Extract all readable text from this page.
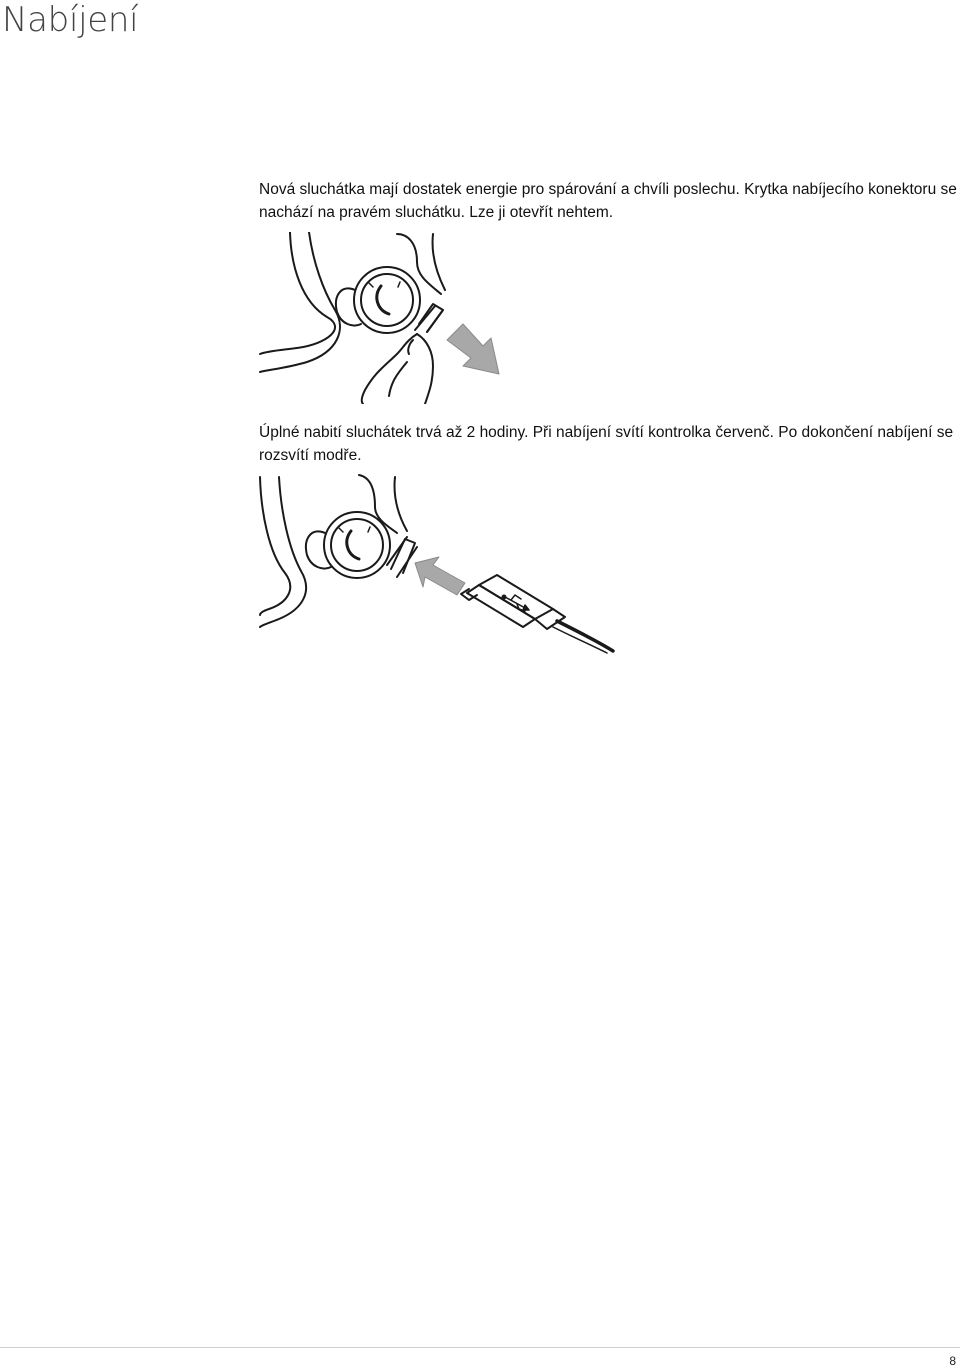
Nabíjení

Nová sluchátka mají dostatek energie pro spárování a chvíli poslechu. Krytka nabíjecího konektoru se nachází na pravém sluchátku. Lze ji otevřít nehtem.

Úplné nabití sluchátek trvá až 2 hodiny. Při nabíjení svítí kontrolka červenč. Po dokončení nabíjení se rozsvítí modře.

8
